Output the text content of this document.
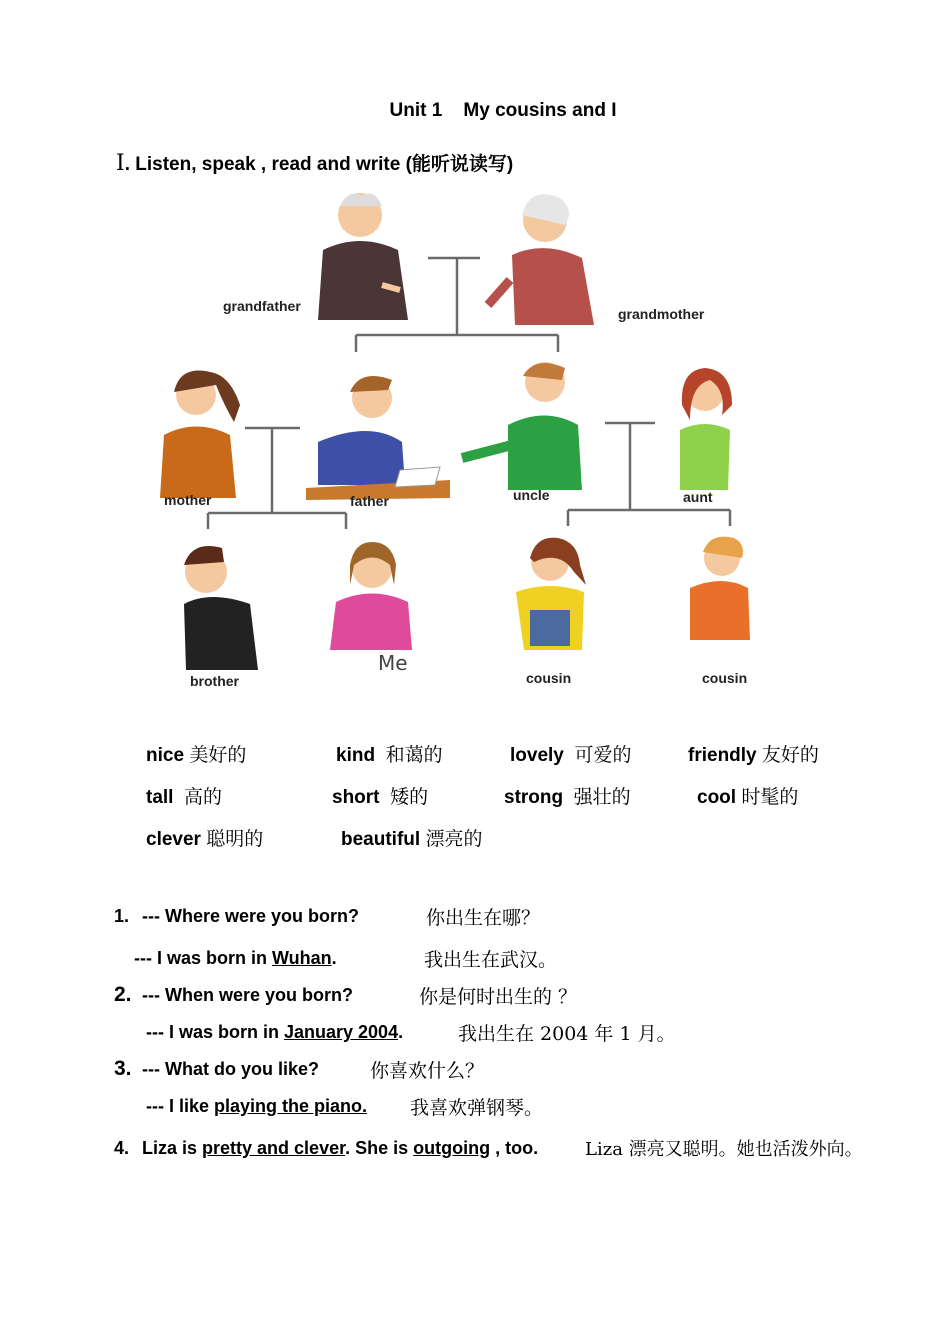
Unit 1    My cousins and I
Ⅰ. Listen, speak , read and write (能听说读写)
grandfather	grandmother
mother	father	uncle	aunt
brother
Me
cousin	cousin
nice 美好的	kind 和蔼的	lovely 可爱的	friendly 友好的
tall 高的	short 矮的	strong 强壮的	cool 时髦的
clever 聪明的	beautiful 漂亮的
1. --- Where were you born?	你出生在哪？
--- I was born in Wuhan.	我出生在武汉。
2. --- When were you born?	你是何时出生的 ？
--- I was born in January 2004.	我出生在 2004 年 1 月。
3. --- What do you like?	你喜欢什么？
--- I like playing the piano. 我喜欢弹钢琴。
4. Liza is pretty and clever. She is outgoing , too.	Liza 漂亮又聪明。她也活泼外向。
